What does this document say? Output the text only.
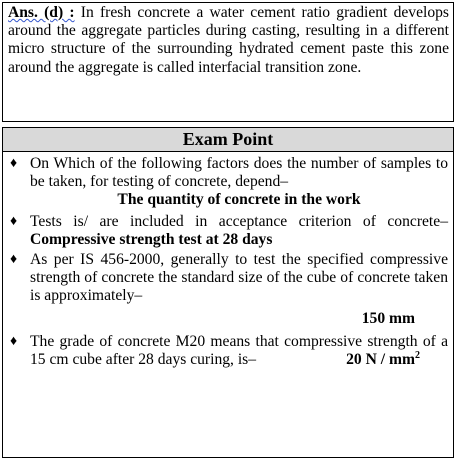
Ans. (d) : In fresh concrete a water cement ratio gradient develops around the aggregate particles during casting, resulting in a different micro structure of the surrounding hydrated cement paste this zone around the aggregate is called interfacial transition zone.
Exam Point
♦ On Which of the following factors does the number of samples to be taken, for testing of concrete, depend–
The quantity of concrete in the work
♦ Tests is/ are included in acceptance criterion of concrete– Compressive strength test at 28 days
♦ As per IS 456-2000, generally to test the specified compressive strength of concrete the standard size of the cube of concrete taken is approximately–
150 mm
♦ The grade of concrete M20 means that compressive strength of a 15 cm cube after 28 days curing, is–	20 N / $mm^2$
